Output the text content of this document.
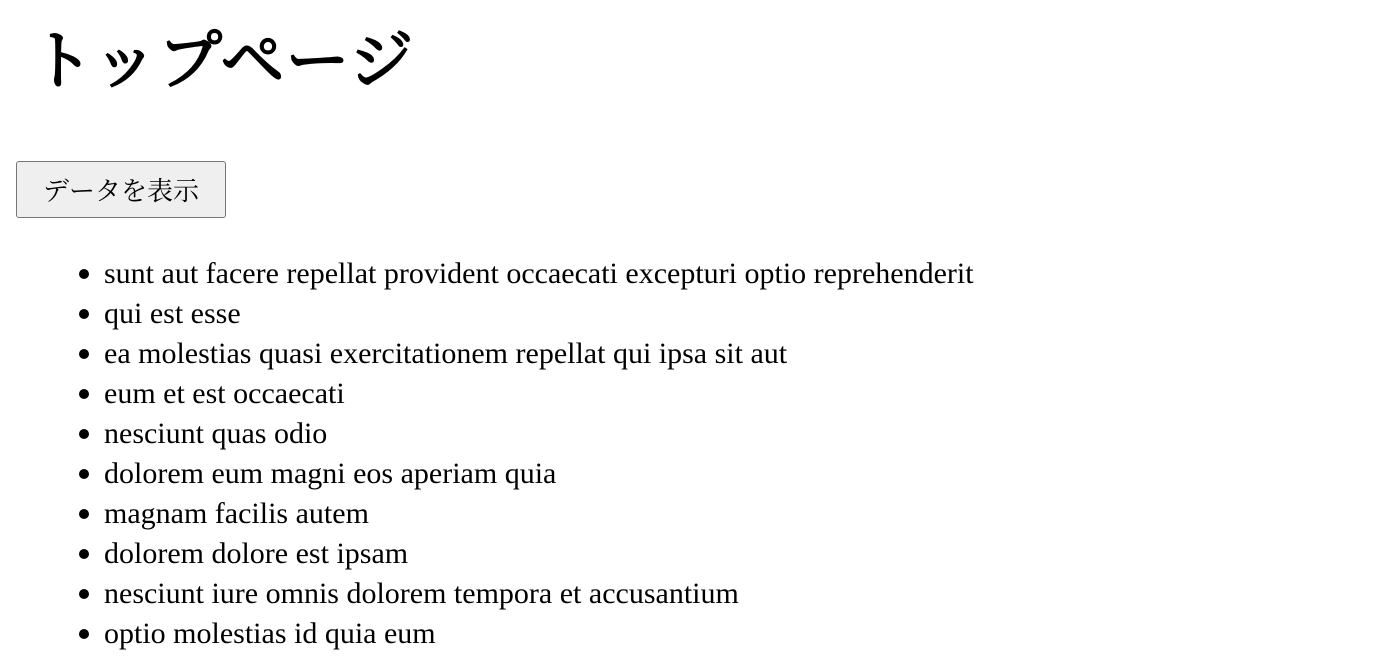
トップページ
データを表示
sunt aut facere repellat provident occaecati excepturi optio reprehenderit
qui est esse
ea molestias quasi exercitationem repellat qui ipsa sit aut
eum et est occaecati
nesciunt quas odio
dolorem eum magni eos aperiam quia
magnam facilis autem
dolorem dolore est ipsam
nesciunt iure omnis dolorem tempora et accusantium
optio molestias id quia eum
